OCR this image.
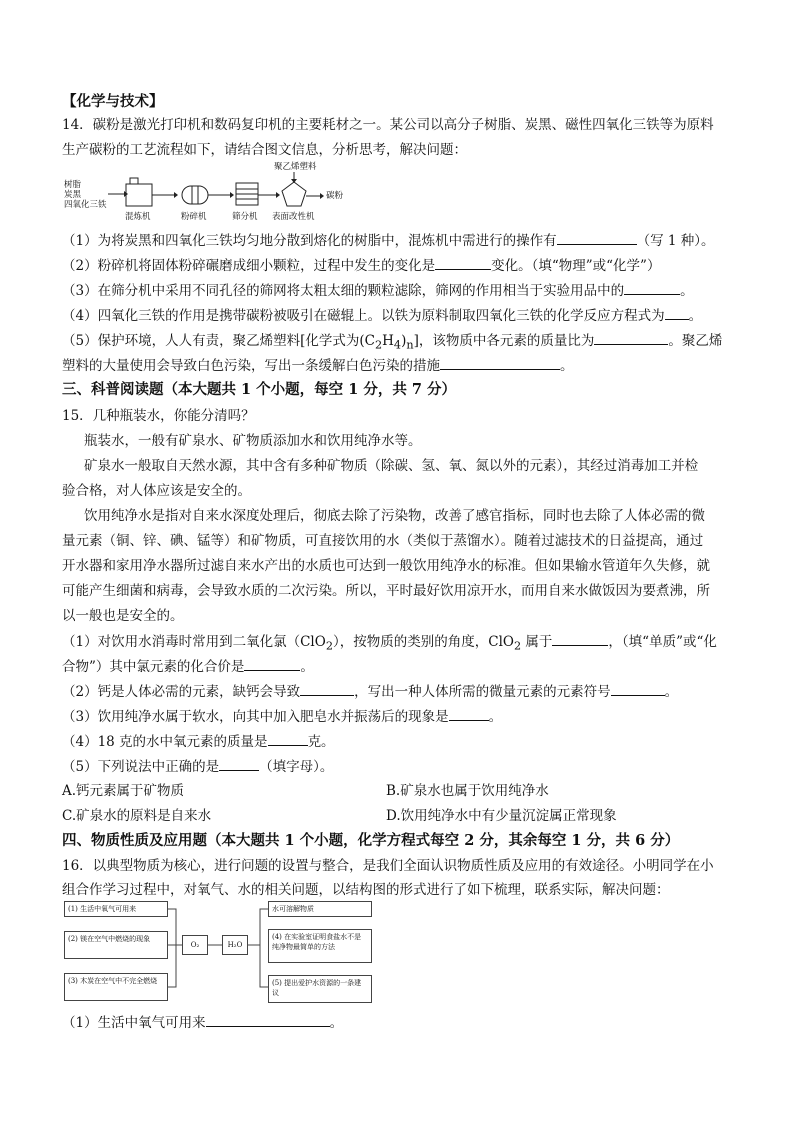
【化学与技术】
14．碳粉是激光打印机和数码复印机的主要耗材之一。某公司以高分子树脂、炭黑、磁性四氧化三铁等为原料
生产碳粉的工艺流程如下，请结合图文信息，分析思考，解决问题：
树脂
炭黑
四氧化三铁
聚乙烯塑料
混炼机	粉碎机	筛分机 表面改性机
碳粉
（1）为将炭黑和四氧化三铁均匀地分散到熔化的树脂中，混炼机中需进行的操作有	（写 1 种）。
（2）粉碎机将固体粉碎碾磨成细小颗粒，过程中发生的变化是	变化。（填“物理”或“化学”）
（3）在筛分机中采用不同孔径的筛网将太粗太细的颗粒滤除，筛网的作用相当于实验用品中的	。
（4）四氧化三铁的作用是携带碳粉被吸引在磁辊上。以铁为原料制取四氧化三铁的化学反应方程式为 。
（5）保护环境，人人有责，聚乙烯塑料[化学式为$(C_2H_4)_n$]，该物质中各元素的质量比为	。聚乙烯
塑料的大量使用会导致白色污染，写出一条缓解白色污染的措施	。
三、科普阅读题（本大题共 1 个小题，每空 1 分，共 7 分）
15．几种瓶装水，你能分清吗？
瓶装水，一般有矿泉水、矿物质添加水和饮用纯净水等。
矿泉水一般取自天然水源，其中含有多种矿物质（除碳、氢、氧、氮以外的元素），其经过消毒加工并检
验合格，对人体应该是安全的。
饮用纯净水是指对自来水深度处理后，彻底去除了污染物，改善了感官指标，同时也去除了人体必需的微
量元素（铜、锌、碘、锰等）和矿物质，可直接饮用的水（类似于蒸馏水）。随着过滤技术的日益提高，通过
开水器和家用净水器所过滤自来水产出的水质也可达到一般饮用纯净水的标准。但如果输水管道年久失修，就
可能产生细菌和病毒，会导致水质的二次污染。所以，平时最好饮用凉开水，而用自来水做饭因为要煮沸，所
以一般也是安全的。
（1）对饮用水消毒时常用到二氧化氯（ClO$_2$），按物质的类别的角度，ClO$_2$ 属于	，（填“单质”或“化
合物”）其中氯元素的化合价是	。
（2）钙是人体必需的元素，缺钙会导致	，写出一种人体所需的微量元素的元素符号	。
（3）饮用纯净水属于软水，向其中加入肥皂水并振荡后的现象是	。
（4）18 克的水中氧元素的质量是	克。
（5）下列说法中正确的是	（填字母）。
A.钙元素属于矿物质	B.矿泉水也属于饮用纯净水
C.矿泉水的原料是自来水	D.饮用纯净水中有少量沉淀属正常现象
四、物质性质及应用题（本大题共 1 个小题，化学方程式每空 2 分，其余每空 1 分，共 6 分）
16．以典型物质为核心，进行问题的设置与整合，是我们全面认识物质性质及应用的有效途径。小明同学在小
组合作学习过程中，对氧气、水的相关问题，以结构图的形式进行了如下梳理，联系实际，解决问题：
(1) 生活中氧气可用来
(2) 镁在空气中燃烧的现象
(3) 木炭在空气中不完全燃烧
O₂	H₂O
水可溶解物质
(4) 在实验室证明食盐水不是纯净物最简单的方法
(5) 提出爱护水资源的一条建议
（1）生活中氧气可用来	。
